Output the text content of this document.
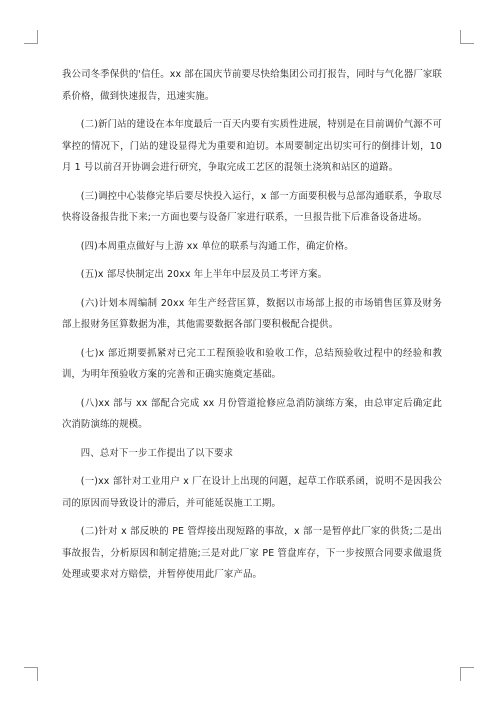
我公司冬季保供的'信任。xx 部在国庆节前要尽快给集团公司打报告，同时与气化器厂家联系价格，做到快速报告，迅速实施。

(二)新门站的建设在本年度最后一百天内要有实质性进展，特别是在目前调价气源不可掌控的情况下，门站的建设显得尤为重要和迫切。本周要制定出切实可行的倒排计划，10 月 1 号以前召开协调会进行研究，争取完成工艺区的混领土浇筑和站区的道路。

(三)调控中心装修完毕后要尽快投入运行，x 部一方面要积极与总部沟通联系，争取尽快将设备报告批下来;一方面也要与设备厂家进行联系，一旦报告批下后准备设备进场。

(四)本周重点做好与上游 xx 单位的联系与沟通工作，确定价格。

(五)x 部尽快制定出 20xx 年上半年中层及员工考评方案。

(六)计划本周编制 20xx 年生产经营匡算，数据以市场部上报的市场销售匡算及财务部上报财务匡算数据为准，其他需要数据各部门要积极配合提供。

(七)x 部近期要抓紧对已完工工程预验收和验收工作，总结预验收过程中的经验和教训，为明年预验收方案的完善和正确实施奠定基础。

(八)xx 部与 xx 部配合完成 xx 月份管道抢修应急消防演练方案，由总审定后确定此次消防演练的规模。

四、总对下一步工作提出了以下要求

(一)xx 部针对工业用户 x 厂在设计上出现的问题，起草工作联系函，说明不是因我公司的原因而导致设计的滞后，并可能延误施工工期。

(二)针对 x 部反映的 PE 管焊接出现短路的事故，x 部一是暂停此厂家的供货;二是出事故报告，分析原因和制定措施;三是对此厂家 PE 管盘库存，下一步按照合同要求做退货处理或要求对方赔偿，并暂停使用此厂家产品。
